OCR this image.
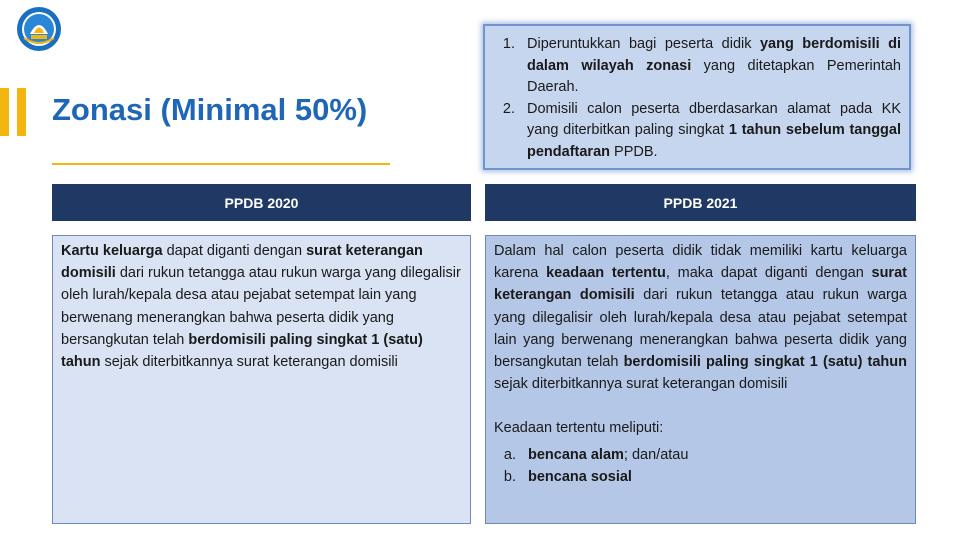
Zonasi (Minimal 50%)
1. Diperuntukkan bagi peserta didik yang berdomisili di dalam wilayah zonasi yang ditetapkan Pemerintah Daerah.
2. Domisili calon peserta dberdasarkan alamat pada KK yang diterbitkan paling singkat 1 tahun sebelum tanggal pendaftaran PPDB.
PPDB 2020	PPDB 2021
Kartu keluarga dapat diganti dengan surat keterangan domisili dari rukun tetangga atau rukun warga yang dilegalisir oleh lurah/kepala desa atau pejabat setempat lain yang berwenang menerangkan bahwa peserta didik yang bersangkutan telah berdomisili paling singkat 1 (satu) tahun sejak diterbitkannya surat keterangan domisili
Dalam hal calon peserta didik tidak memiliki kartu keluarga karena keadaan tertentu, maka dapat diganti dengan surat keterangan domisili dari rukun tetangga atau rukun warga yang dilegalisir oleh lurah/kepala desa atau pejabat setempat lain yang berwenang menerangkan bahwa peserta didik yang bersangkutan telah berdomisili paling singkat 1 (satu) tahun sejak diterbitkannya surat keterangan domisili
Keadaan tertentu meliputi:
a. bencana alam; dan/atau
b. bencana sosial
